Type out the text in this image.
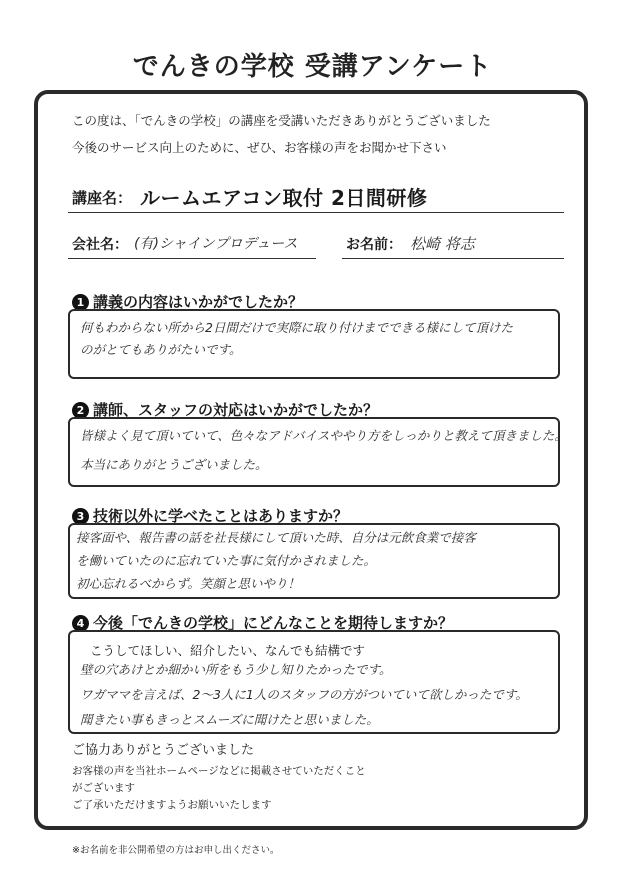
でんきの学校 受講アンケート
この度は、「でんきの学校」の講座を受講いただきありがとうございました
今後のサービス向上のために、ぜひ、お客様の声をお聞かせ下さい
講座名： ルームエアコン取付 2日間研修
会社名： (有)シャインプロデュース	お名前： 松崎 将志
1 講義の内容はいかがでしたか？
何もわからない所から2日間だけで実際に取り付けまでできる様にして頂けた
のがとてもありがたいです。
2 講師、スタッフの対応はいかがでしたか？
皆様よく見て頂いていて、色々なアドバイスややり方をしっかりと教えて頂きました。
本当にありがとうございました。
3 技術以外に学べたことはありますか？
接客面や、報告書の話を社長様にして頂いた時、自分は元飲食業で接客
を働いていたのに忘れていた事に気付かされました。
初心忘れるべからず。笑顔と思いやり！
4 今後「でんきの学校」にどんなことを期待しますか？
こうしてほしい、紹介したい、なんでも結構です
壁の穴あけとか細かい所をもう少し知りたかったです。
ワガママを言えば、2〜3人に1人のスタッフの方がついていて欲しかったです。
聞きたい事もきっとスムーズに聞けたと思いました。
ご協力ありがとうございました
お客様の声を当社ホームページなどに掲載させていただくこと
がございます
ご了承いただけますようお願いいたします
※お名前を非公開希望の方はお申し出ください。
